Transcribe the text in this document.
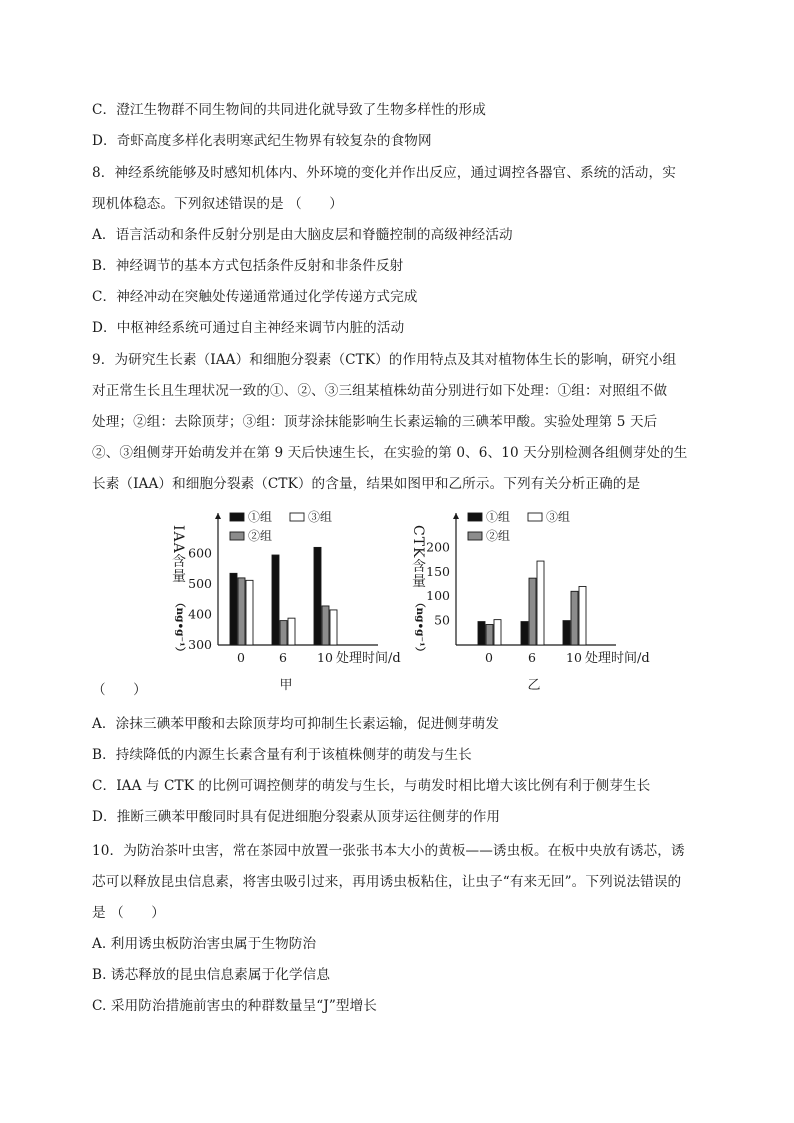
C．澄江生物群不同生物间的共同进化就导致了生物多样性的形成
D．奇虾高度多样化表明寒武纪生物界有较复杂的食物网
8．神经系统能够及时感知机体内、外环境的变化并作出反应，通过调控各器官、系统的活动，实
现机体稳态。下列叙述错误的是 （　　）
A．语言活动和条件反射分别是由大脑皮层和脊髓控制的高级神经活动
B．神经调节的基本方式包括条件反射和非条件反射
C．神经冲动在突触处传递通常通过化学传递方式完成
D．中枢神经系统可通过自主神经来调节内脏的活动
9．为研究生长素（IAA）和细胞分裂素（CTK）的作用特点及其对植物体生长的影响，研究小组
对正常生长且生理状况一致的①、②、③三组某植株幼苗分别进行如下处理：①组：对照组不做
处理；②组：去除顶芽；③组：顶芽涂抹能影响生长素运输的三碘苯甲酸。实验处理第 5 天后
②、③组侧芽开始萌发并在第 9 天后快速生长，在实验的第 0、6、10 天分别检测各组侧芽处的生
长素（IAA）和细胞分裂素（CTK）的含量，结果如图甲和乙所示。下列有关分析正确的是
300
400
500
600
IAA含量
（ng•g⁻¹）
0	6 10 处理时间/d
①组
②组
③组
甲
50
100
150
200
CTK含量
（ng•g⁻¹）
0	6 10 处理时间/d
①组
②组
③组
乙
（　　）
A．涂抹三碘苯甲酸和去除顶芽均可抑制生长素运输，促进侧芽萌发
B．持续降低的内源生长素含量有利于该植株侧芽的萌发与生长
C．IAA 与 CTK 的比例可调控侧芽的萌发与生长，与萌发时相比增大该比例有利于侧芽生长
D．推断三碘苯甲酸同时具有促进细胞分裂素从顶芽运往侧芽的作用
10．为防治茶叶虫害，常在茶园中放置一张张书本大小的黄板——诱虫板。在板中央放有诱芯，诱
芯可以释放昆虫信息素，将害虫吸引过来，再用诱虫板粘住，让虫子“有来无回”。下列说法错误的
是 （　　）
A. 利用诱虫板防治害虫属于生物防治
B. 诱芯释放的昆虫信息素属于化学信息
C. 采用防治措施前害虫的种群数量呈“J”型增长
